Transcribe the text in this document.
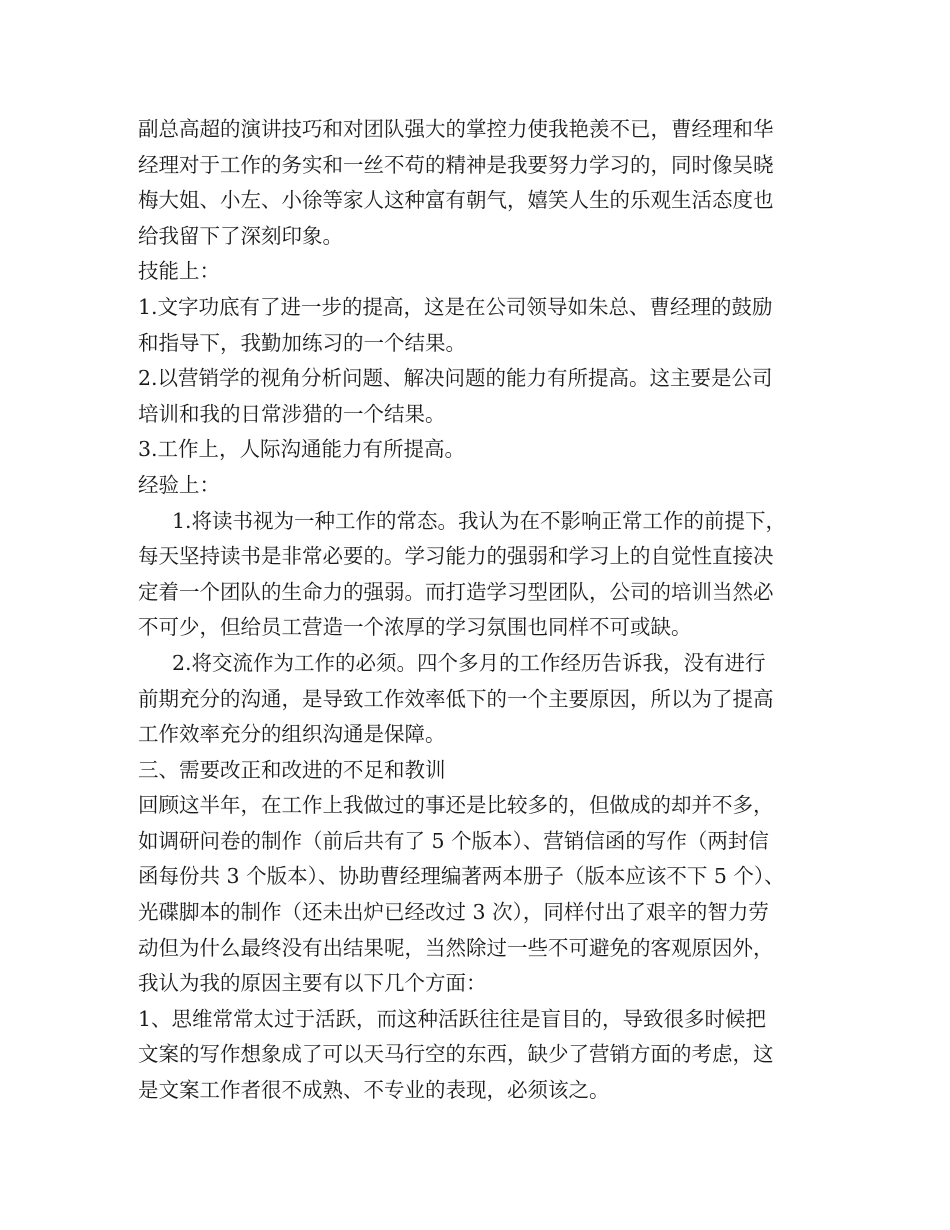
副总高超的演讲技巧和对团队强大的掌控力使我艳羡不已，曹经理和华
经理对于工作的务实和一丝不苟的精神是我要努力学习的，同时像吴晓
梅大姐、小左、小徐等家人这种富有朝气，嬉笑人生的乐观生活态度也
给我留下了深刻印象。
技能上：
1.文字功底有了进一步的提高，这是在公司领导如朱总、曹经理的鼓励
和指导下，我勤加练习的一个结果。
2.以营销学的视角分析问题、解决问题的能力有所提高。这主要是公司
培训和我的日常涉猎的一个结果。
3.工作上，人际沟通能力有所提高。
经验上：
1.将读书视为一种工作的常态。我认为在不影响正常工作的前提下，
每天坚持读书是非常必要的。学习能力的强弱和学习上的自觉性直接决
定着一个团队的生命力的强弱。而打造学习型团队，公司的培训当然必
不可少，但给员工营造一个浓厚的学习氛围也同样不可或缺。
2.将交流作为工作的必须。四个多月的工作经历告诉我，没有进行
前期充分的沟通，是导致工作效率低下的一个主要原因，所以为了提高
工作效率充分的组织沟通是保障。
三、需要改正和改进的不足和教训
回顾这半年，在工作上我做过的事还是比较多的，但做成的却并不多，
如调研问卷的制作（前后共有了 5 个版本）、营销信函的写作（两封信
函每份共 3 个版本）、协助曹经理编著两本册子（版本应该不下 5 个）、
光碟脚本的制作（还未出炉已经改过 3 次），同样付出了艰辛的智力劳
动但为什么最终没有出结果呢，当然除过一些不可避免的客观原因外，
我认为我的原因主要有以下几个方面：
1、思维常常太过于活跃，而这种活跃往往是盲目的，导致很多时候把
文案的写作想象成了可以天马行空的东西，缺少了营销方面的考虑，这
是文案工作者很不成熟、不专业的表现，必须该之。
